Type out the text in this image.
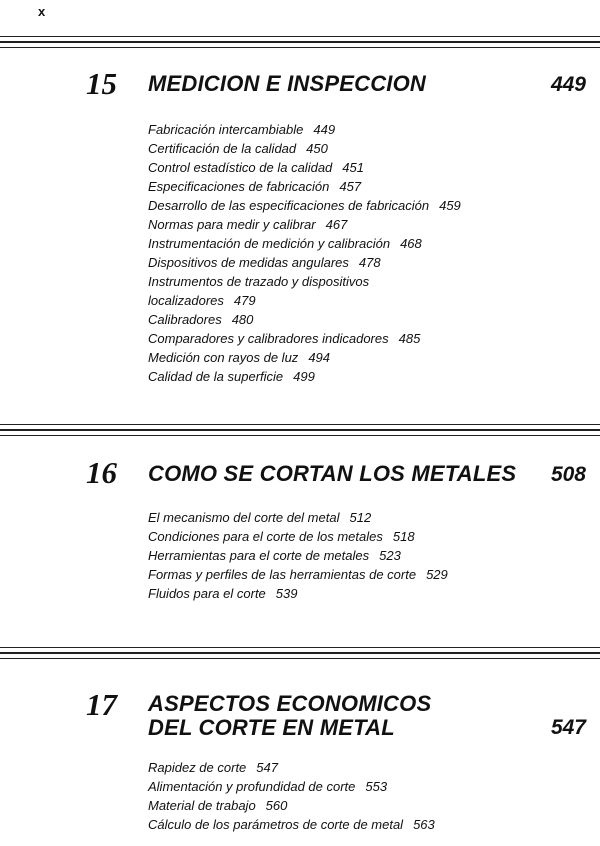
x
15 MEDICION E INSPECCION	449
Fabricación intercambiable 449
Certificación de la calidad 450
Control estadístico de la calidad 451
Especificaciones de fabricación 457
Desarrollo de las especificaciones de fabricación 459
Normas para medir y calibrar 467
Instrumentación de medición y calibración 468
Dispositivos de medidas angulares 478
Instrumentos de trazado y dispositivos
localizadores 479
Calibradores 480
Comparadores y calibradores indicadores 485
Medición con rayos de luz 494
Calidad de la superficie 499
16 COMO SE CORTAN LOS METALES 508
El mecanismo del corte del metal 512
Condiciones para el corte de los metales 518
Herramientas para el corte de metales 523
Formas y perfiles de las herramientas de corte 529
Fluidos para el corte 539
17 ASPECTOS ECONOMICOS
DEL CORTE EN METAL	547
Rapidez de corte 547
Alimentación y profundidad de corte 553
Material de trabajo 560
Cálculo de los parámetros de corte de metal 563
